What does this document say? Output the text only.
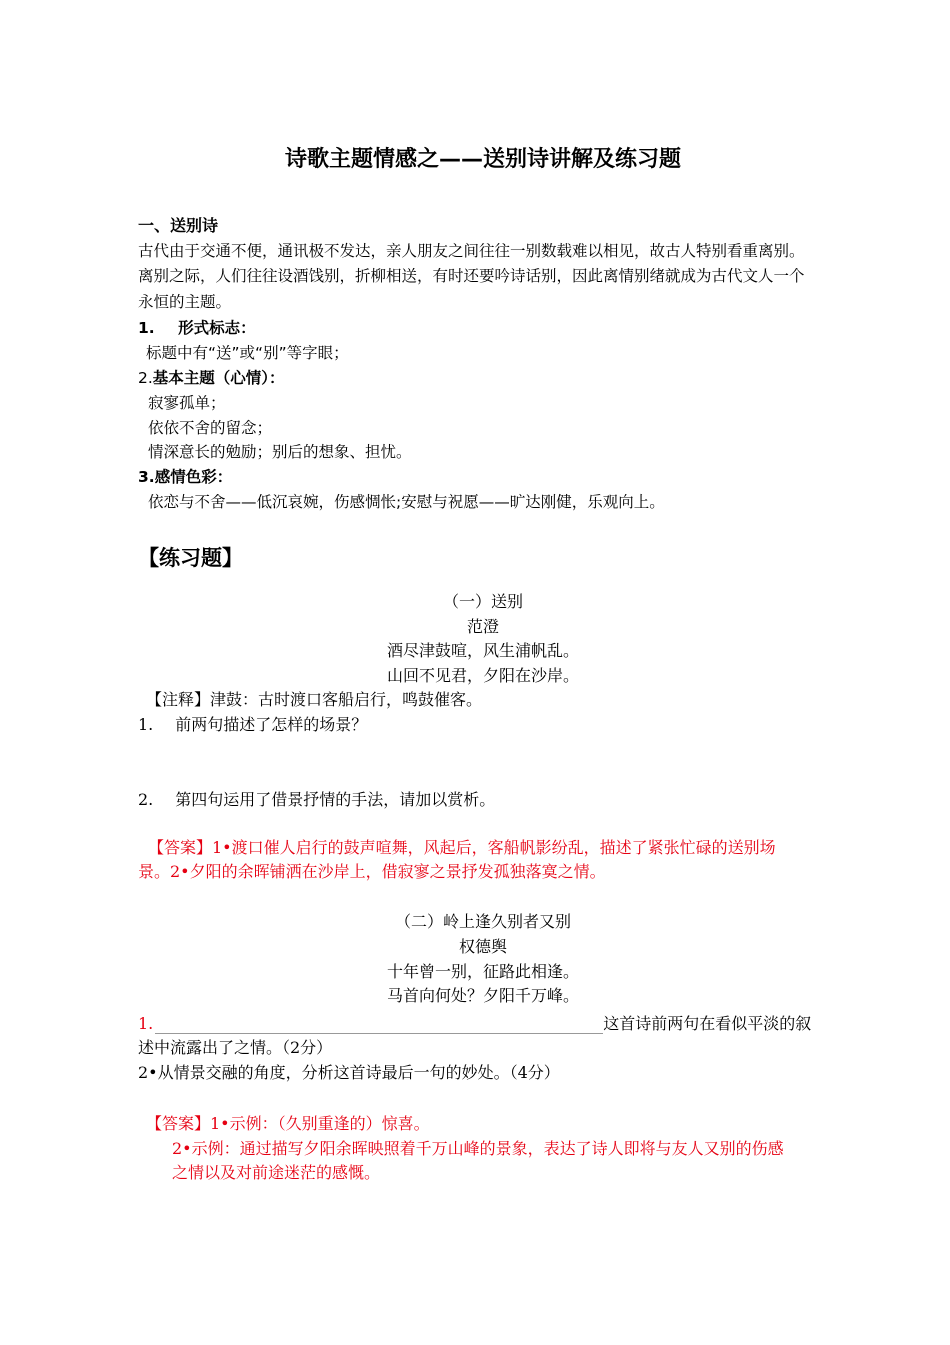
诗歌主题情感之——送别诗讲解及练习题
一、送别诗
古代由于交通不便，通讯极不发达，亲人朋友之间往往一别数载难以相见，故古人特别看重离别。
离别之际，人们往往设酒饯别，折柳相送，有时还要吟诗话别，因此离情别绪就成为古代文人一个
永恒的主题。
1. 形式标志：
标题中有“送”或“别”等字眼；
2.基本主题（心情）：
寂寥孤单；
依依不舍的留念；
情深意长的勉励；别后的想象、担忧。
3.感情色彩：
依恋与不舍——低沉哀婉，伤感惆怅;安慰与祝愿——旷达刚健，乐观向上。
【练习题】
（一）送别
范澄
酒尽津鼓喧，风生浦帆乱。
山回不见君，夕阳在沙岸。
【注释】津鼓：古时渡口客船启行，鸣鼓催客。
1. 前两句描述了怎样的场景？
2. 第四句运用了借景抒情的手法，请加以赏析。
【答案】1•渡口催人启行的鼓声喧舞，风起后，客船帆影纷乱，描述了紧张忙碌的送别场
景。2•夕阳的余晖铺洒在沙岸上，借寂寥之景抒发孤独落寞之情。
（二）岭上逢久别者又别
权德舆
十年曾一别，征路此相逢。
马首向何处？夕阳千万峰。
1.	这首诗前两句在看似平淡的叙
述中流露出了之情。（2分）
2•从情景交融的角度，分析这首诗最后一句的妙处。（4分）
【答案】1•示例：（久别重逢的）惊喜。
2•示例：通过描写夕阳余晖映照着千万山峰的景象，表达了诗人即将与友人又别的伤感
之情以及对前途迷茫的感慨。
